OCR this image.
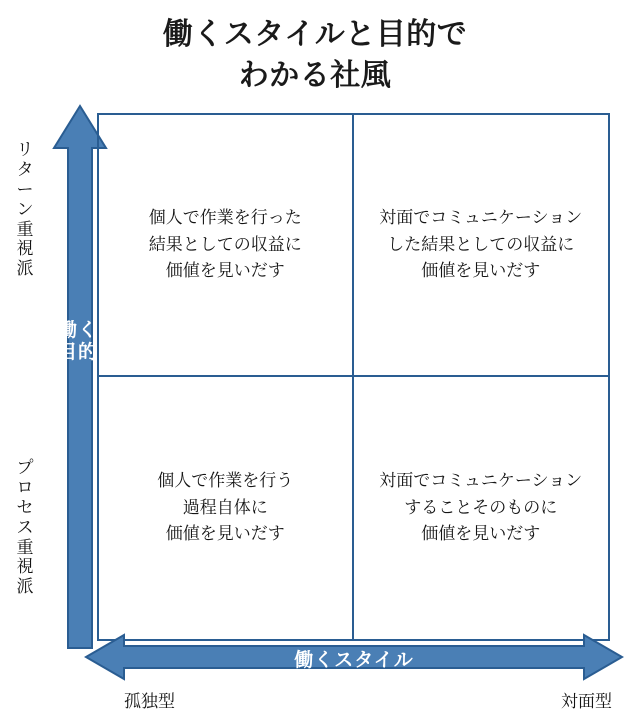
働くスタイルと目的で
わかる社風
働く
目的
リ
タ
ー
ン
重
視
派
プ
ロ
セ
ス
重
視
派
個人で作業を行った
結果としての収益に
価値を見いだす
対面でコミュニケーション
した結果としての収益に
価値を見いだす
個人で作業を行う
過程自体に
価値を見いだす
対面でコミュニケーション
することそのものに
価値を見いだす
働くスタイル
孤独型	対面型
